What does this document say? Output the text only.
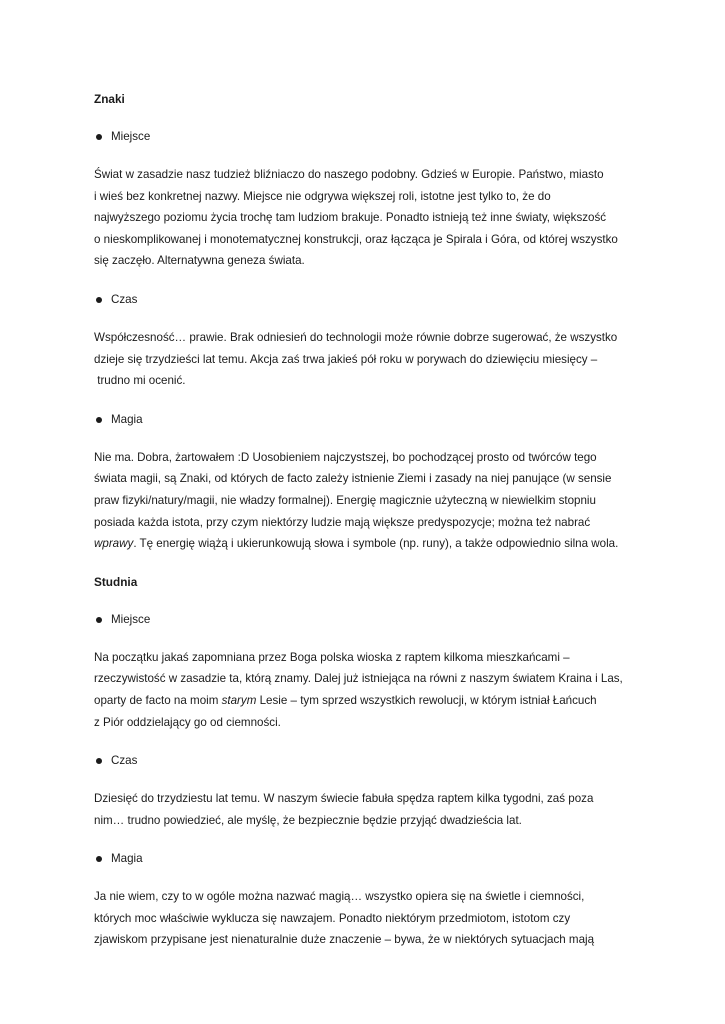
Znaki
Miejsce
Świat w zasadzie nasz tudzież bliźniaczo do naszego podobny. Gdzieś w Europie. Państwo, miasto
i wieś bez konkretnej nazwy. Miejsce nie odgrywa większej roli, istotne jest tylko to, że do
najwyższego poziomu życia trochę tam ludziom brakuje. Ponadto istnieją też inne światy, większość
o nieskomplikowanej i monotematycznej konstrukcji, oraz łącząca je Spirala i Góra, od której wszystko
się zaczęło. Alternatywna geneza świata.
Czas
Współczesność… prawie. Brak odniesień do technologii może równie dobrze sugerować, że wszystko
dzieje się trzydzieści lat temu. Akcja zaś trwa jakieś pół roku w porywach do dziewięciu miesięcy –
trudno mi ocenić.
Magia
Nie ma. Dobra, żartowałem :D Uosobieniem najczystszej, bo pochodzącej prosto od twórców tego
świata magii, są Znaki, od których de facto zależy istnienie Ziemi i zasady na niej panujące (w sensie
praw fizyki/natury/magii, nie władzy formalnej). Energię magicznie użyteczną w niewielkim stopniu
posiada każda istota, przy czym niektórzy ludzie mają większe predyspozycje; można też nabrać
wprawy. Tę energię wiążą i ukierunkowują słowa i symbole (np. runy), a także odpowiednio silna wola.
Studnia
Miejsce
Na początku jakaś zapomniana przez Boga polska wioska z raptem kilkoma mieszkańcami –
rzeczywistość w zasadzie ta, którą znamy. Dalej już istniejąca na równi z naszym światem Kraina i Las,
oparty de facto na moim starym Lesie – tym sprzed wszystkich rewolucji, w którym istniał Łańcuch
z Piór oddzielający go od ciemności.
Czas
Dziesięć do trzydziestu lat temu. W naszym świecie fabuła spędza raptem kilka tygodni, zaś poza
nim… trudno powiedzieć, ale myślę, że bezpiecznie będzie przyjąć dwadzieścia lat.
Magia
Ja nie wiem, czy to w ogóle można nazwać magią… wszystko opiera się na świetle i ciemności,
których moc właściwie wyklucza się nawzajem. Ponadto niektórym przedmiotom, istotom czy
zjawiskom przypisane jest nienaturalnie duże znaczenie – bywa, że w niektórych sytuacjach mają
